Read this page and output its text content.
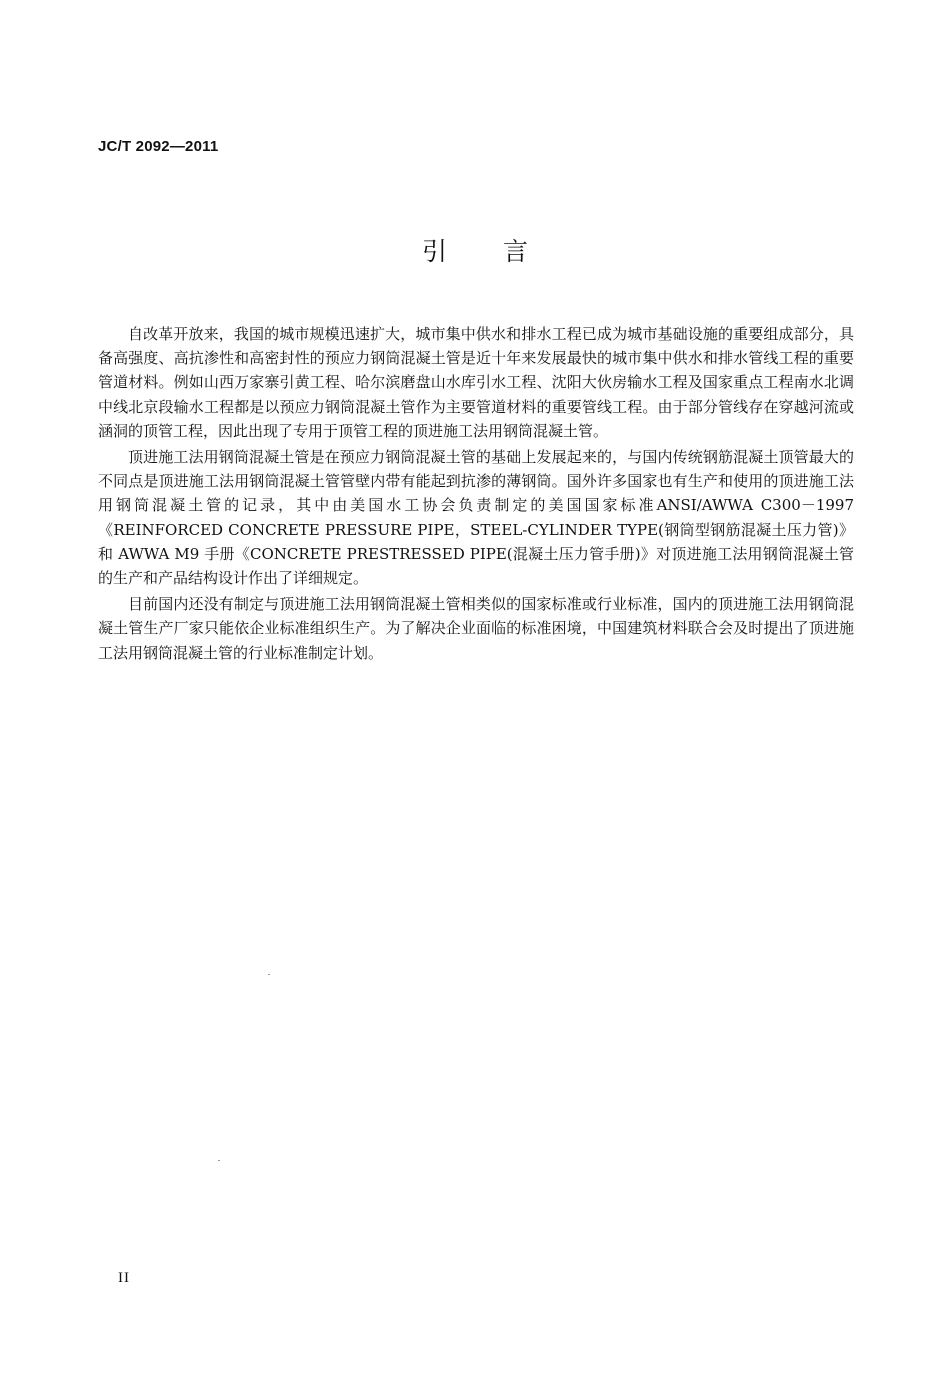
JC/T 2092—2011
引 言

自改革开放来，我国的城市规模迅速扩大，城市集中供水和排水工程已成为城市基础设施的重要组成部分，具备高强度、高抗渗性和高密封性的预应力钢筒混凝土管是近十年来发展最快的城市集中供水和排水管线工程的重要管道材料。例如山西万家寨引黄工程、哈尔滨磨盘山水库引水工程、沈阳大伙房输水工程及国家重点工程南水北调中线北京段输水工程都是以预应力钢筒混凝土管作为主要管道材料的重要管线工程。由于部分管线存在穿越河流或涵洞的顶管工程，因此出现了专用于顶管工程的顶进施工法用钢筒混凝土管。

顶进施工法用钢筒混凝土管是在预应力钢筒混凝土管的基础上发展起来的，与国内传统钢筋混凝土顶管最大的不同点是顶进施工法用钢筒混凝土管管壁内带有能起到抗渗的薄钢筒。国外许多国家也有生产和使用的顶进施工法用钢筒混凝土管的记录，其中由美国水工协会负责制定的美国国家标准ANSI/AWWA C300－1997《REINFORCED CONCRETE PRESSURE PIPE，STEEL-CYLINDER TYPE(钢筒型钢筋混凝土压力管)》和 AWWA M9 手册《CONCRETE PRESTRESSED PIPE(混凝土压力管手册)》对顶进施工法用钢筒混凝土管的生产和产品结构设计作出了详细规定。

目前国内还没有制定与顶进施工法用钢筒混凝土管相类似的国家标准或行业标准，国内的顶进施工法用钢筒混凝土管生产厂家只能依企业标准组织生产。为了解决企业面临的标准困境，中国建筑材料联合会及时提出了顶进施工法用钢筒混凝土管的行业标准制定计划。

II
